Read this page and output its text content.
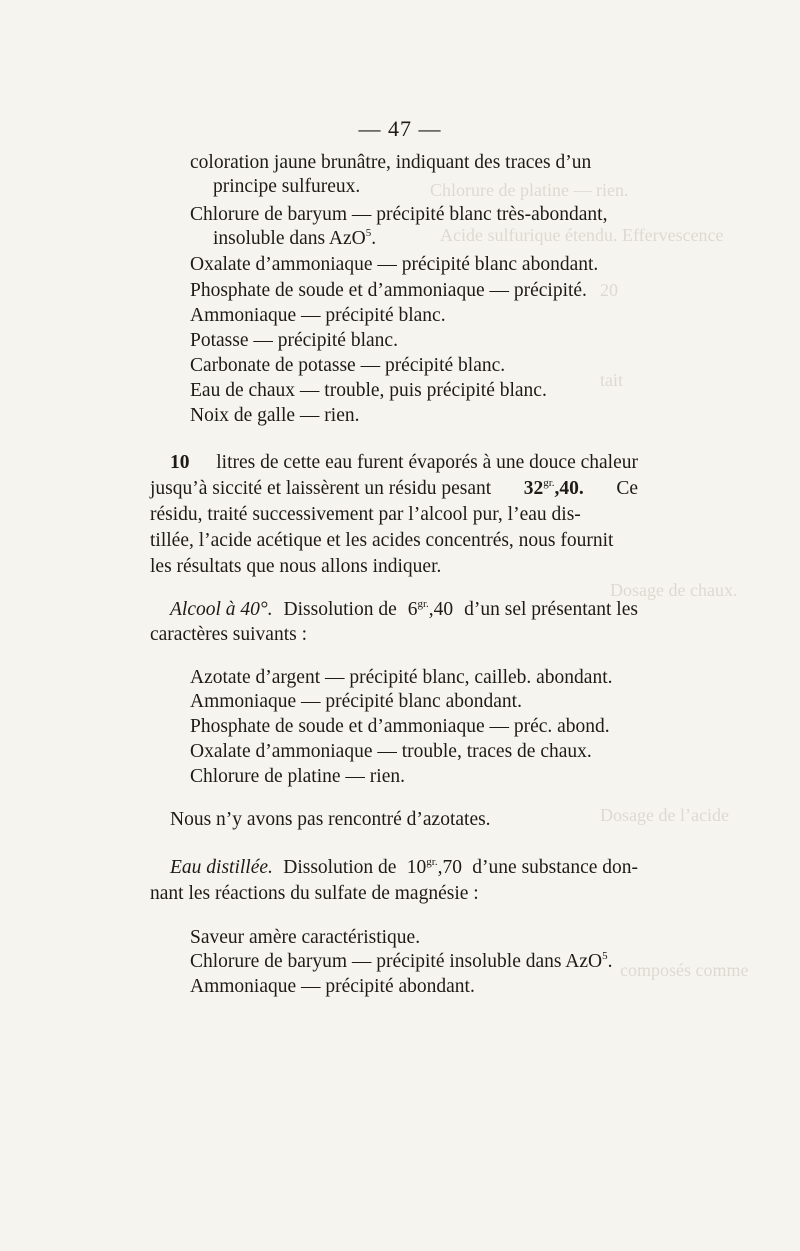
Chlorure de platine — rien.
Acide sulfurique étendu. Effervescence
20
tait
Dosage de chaux.
Dosage de l’acide
composés comme
— 47 —
coloration jaune brunâtre, indiquant des traces d’un
principe sulfureux.
Chlorure de baryum — précipité blanc très-abondant,
insoluble dans AzO$^5$.
Oxalate d’ammoniaque — précipité blanc abondant.
Phosphate de soude et d’ammoniaque — précipité.
Ammoniaque — précipité blanc.
Potasse — précipité blanc.
Carbonate de potasse — précipité blanc.
Eau de chaux — trouble, puis précipité blanc.
Noix de galle — rien.
10 litres de cette eau furent évaporés à une douce chaleur
jusqu’à siccité et laissèrent un résidu pesant $32^{gr.},40$. Ce
résidu, traité successivement par l’alcool pur, l’eau dis-
tillée, l’acide acétique et les acides concentrés, nous fournit
les résultats que nous allons indiquer.
Alcool à 40°. Dissolution de $6^{gr.},40$ d’un sel présentant les
caractères suivants :
Azotate d’argent — précipité blanc, cailleb. abondant.
Ammoniaque — précipité blanc abondant.
Phosphate de soude et d’ammoniaque — préc. abond.
Oxalate d’ammoniaque — trouble, traces de chaux.
Chlorure de platine — rien.
Nous n’y avons pas rencontré d’azotates.
Eau distillée. Dissolution de $10^{gr.},70$ d’une substance don-
nant les réactions du sulfate de magnésie :
Saveur amère caractéristique.
Chlorure de baryum — précipité insoluble dans AzO$^5$.
Ammoniaque — précipité abondant.
